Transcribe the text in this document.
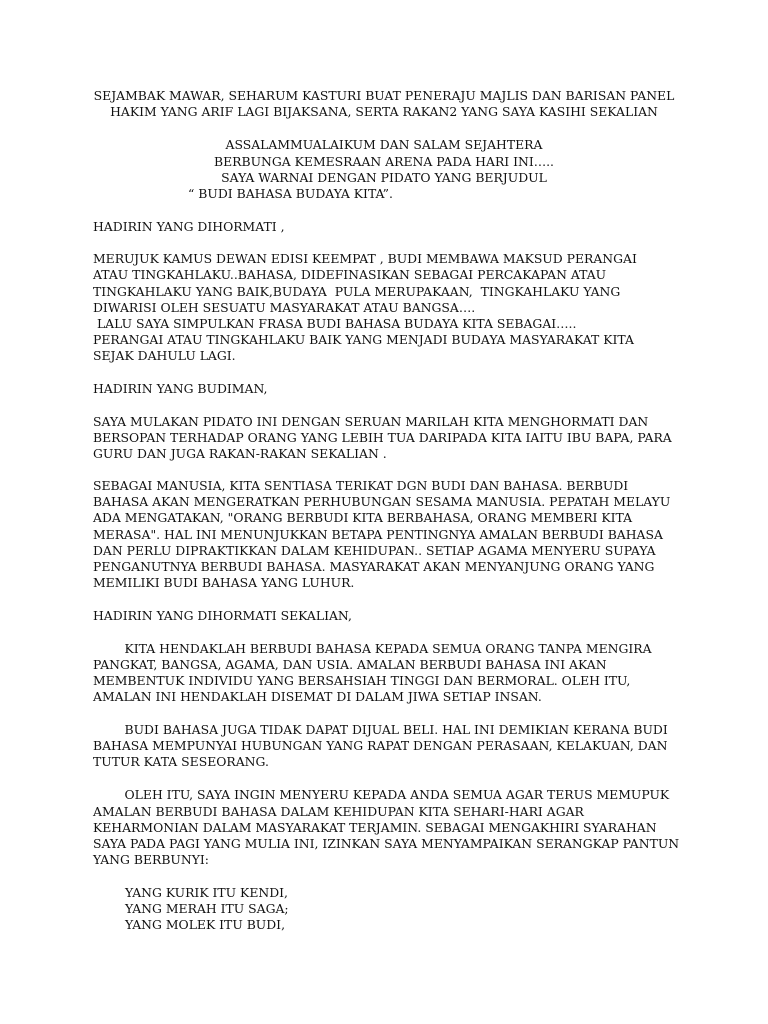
SEJAMBAK MAWAR, SEHARUM KASTURI BUAT PENERAJU MAJLIS DAN BARISAN PANEL
HAKIM YANG ARIF LAGI BIJAKSANA, SERTA RAKAN2 YANG SAYA KASIHI SEKALIAN
ASSALAMMUALAIKUM DAN SALAM SEJAHTERA
BERBUNGA KEMESRAAN ARENA PADA HARI INI…..
SAYA WARNAI DENGAN PIDATO YANG BERJUDUL
“ BUDI BAHASA BUDAYA KITA”.
HADIRIN YANG DIHORMATI ,
MERUJUK KAMUS DEWAN EDISI KEEMPAT , BUDI MEMBAWA MAKSUD PERANGAI
ATAU TINGKAHLAKU..BAHASA, DIDEFINASIKAN SEBAGAI PERCAKAPAN ATAU
TINGKAHLAKU YANG BAIK,BUDAYA  PULA MERUPAKAAN,  TINGKAHLAKU YANG
DIWARISI OLEH SESUATU MASYARAKAT ATAU BANGSA….
LALU SAYA SIMPULKAN FRASA BUDI BAHASA BUDAYA KITA SEBAGAI…..
PERANGAI ATAU TINGKAHLAKU BAIK YANG MENJADI BUDAYA MASYARAKAT KITA
SEJAK DAHULU LAGI.
HADIRIN YANG BUDIMAN,
SAYA MULAKAN PIDATO INI DENGAN SERUAN MARILAH KITA MENGHORMATI DAN
BERSOPAN TERHADAP ORANG YANG LEBIH TUA DARIPADA KITA IAITU IBU BAPA, PARA
GURU DAN JUGA RAKAN-RAKAN SEKALIAN .
SEBAGAI MANUSIA, KITA SENTIASA TERIKAT DGN BUDI DAN BAHASA. BERBUDI
BAHASA AKAN MENGERATKAN PERHUBUNGAN SESAMA MANUSIA. PEPATAH MELAYU
ADA MENGATAKAN, "ORANG BERBUDI KITA BERBAHASA, ORANG MEMBERI KITA
MERASA". HAL INI MENUNJUKKAN BETAPA PENTINGNYA AMALAN BERBUDI BAHASA
DAN PERLU DIPRAKTIKKAN DALAM KEHIDUPAN.. SETIAP AGAMA MENYERU SUPAYA
PENGANUTNYA BERBUDI BAHASA. MASYARAKAT AKAN MENYANJUNG ORANG YANG
MEMILIKI BUDI BAHASA YANG LUHUR.
HADIRIN YANG DIHORMATI SEKALIAN,
KITA HENDAKLAH BERBUDI BAHASA KEPADA SEMUA ORANG TANPA MENGIRA
PANGKAT, BANGSA, AGAMA, DAN USIA. AMALAN BERBUDI BAHASA INI AKAN
MEMBENTUK INDIVIDU YANG BERSAHSIAH TINGGI DAN BERMORAL. OLEH ITU,
AMALAN INI HENDAKLAH DISEMAT DI DALAM JIWA SETIAP INSAN.
BUDI BAHASA JUGA TIDAK DAPAT DIJUAL BELI. HAL INI DEMIKIAN KERANA BUDI
BAHASA MEMPUNYAI HUBUNGAN YANG RAPAT DENGAN PERASAAN, KELAKUAN, DAN
TUTUR KATA SESEORANG.
OLEH ITU, SAYA INGIN MENYERU KEPADA ANDA SEMUA AGAR TERUS MEMUPUK
AMALAN BERBUDI BAHASA DALAM KEHIDUPAN KITA SEHARI-HARI AGAR
KEHARMONIAN DALAM MASYARAKAT TERJAMIN. SEBAGAI MENGAKHIRI SYARAHAN
SAYA PADA PAGI YANG MULIA INI, IZINKAN SAYA MENYAMPAIKAN SERANGKAP PANTUN
YANG BERBUNYI:
YANG KURIK ITU KENDI,
YANG MERAH ITU SAGA;
YANG MOLEK ITU BUDI,
